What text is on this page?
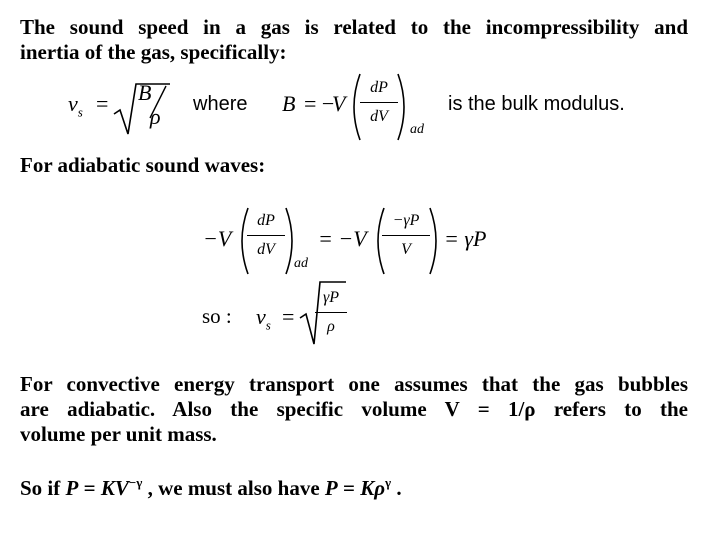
The sound speed in a gas is related to the incompressibility and
inertia of the gas, specifically:
$v_s = B$
ρ where B = −
V
dP
dV
ad
is the bulk modulus.
For adiabatic sound waves:
−V
dP
dV
ad
= −V
−γP
V	= γP
so : $v_s$ =
γP
ρ
For convective energy transport one assumes that the gas bubbles
are adiabatic. Also the specific volume V = 1/ρ refers to the
volume per unit mass.
So if $P = KV^{-\gamma}$ , we must also have $P = K\rho^\gamma$ .
